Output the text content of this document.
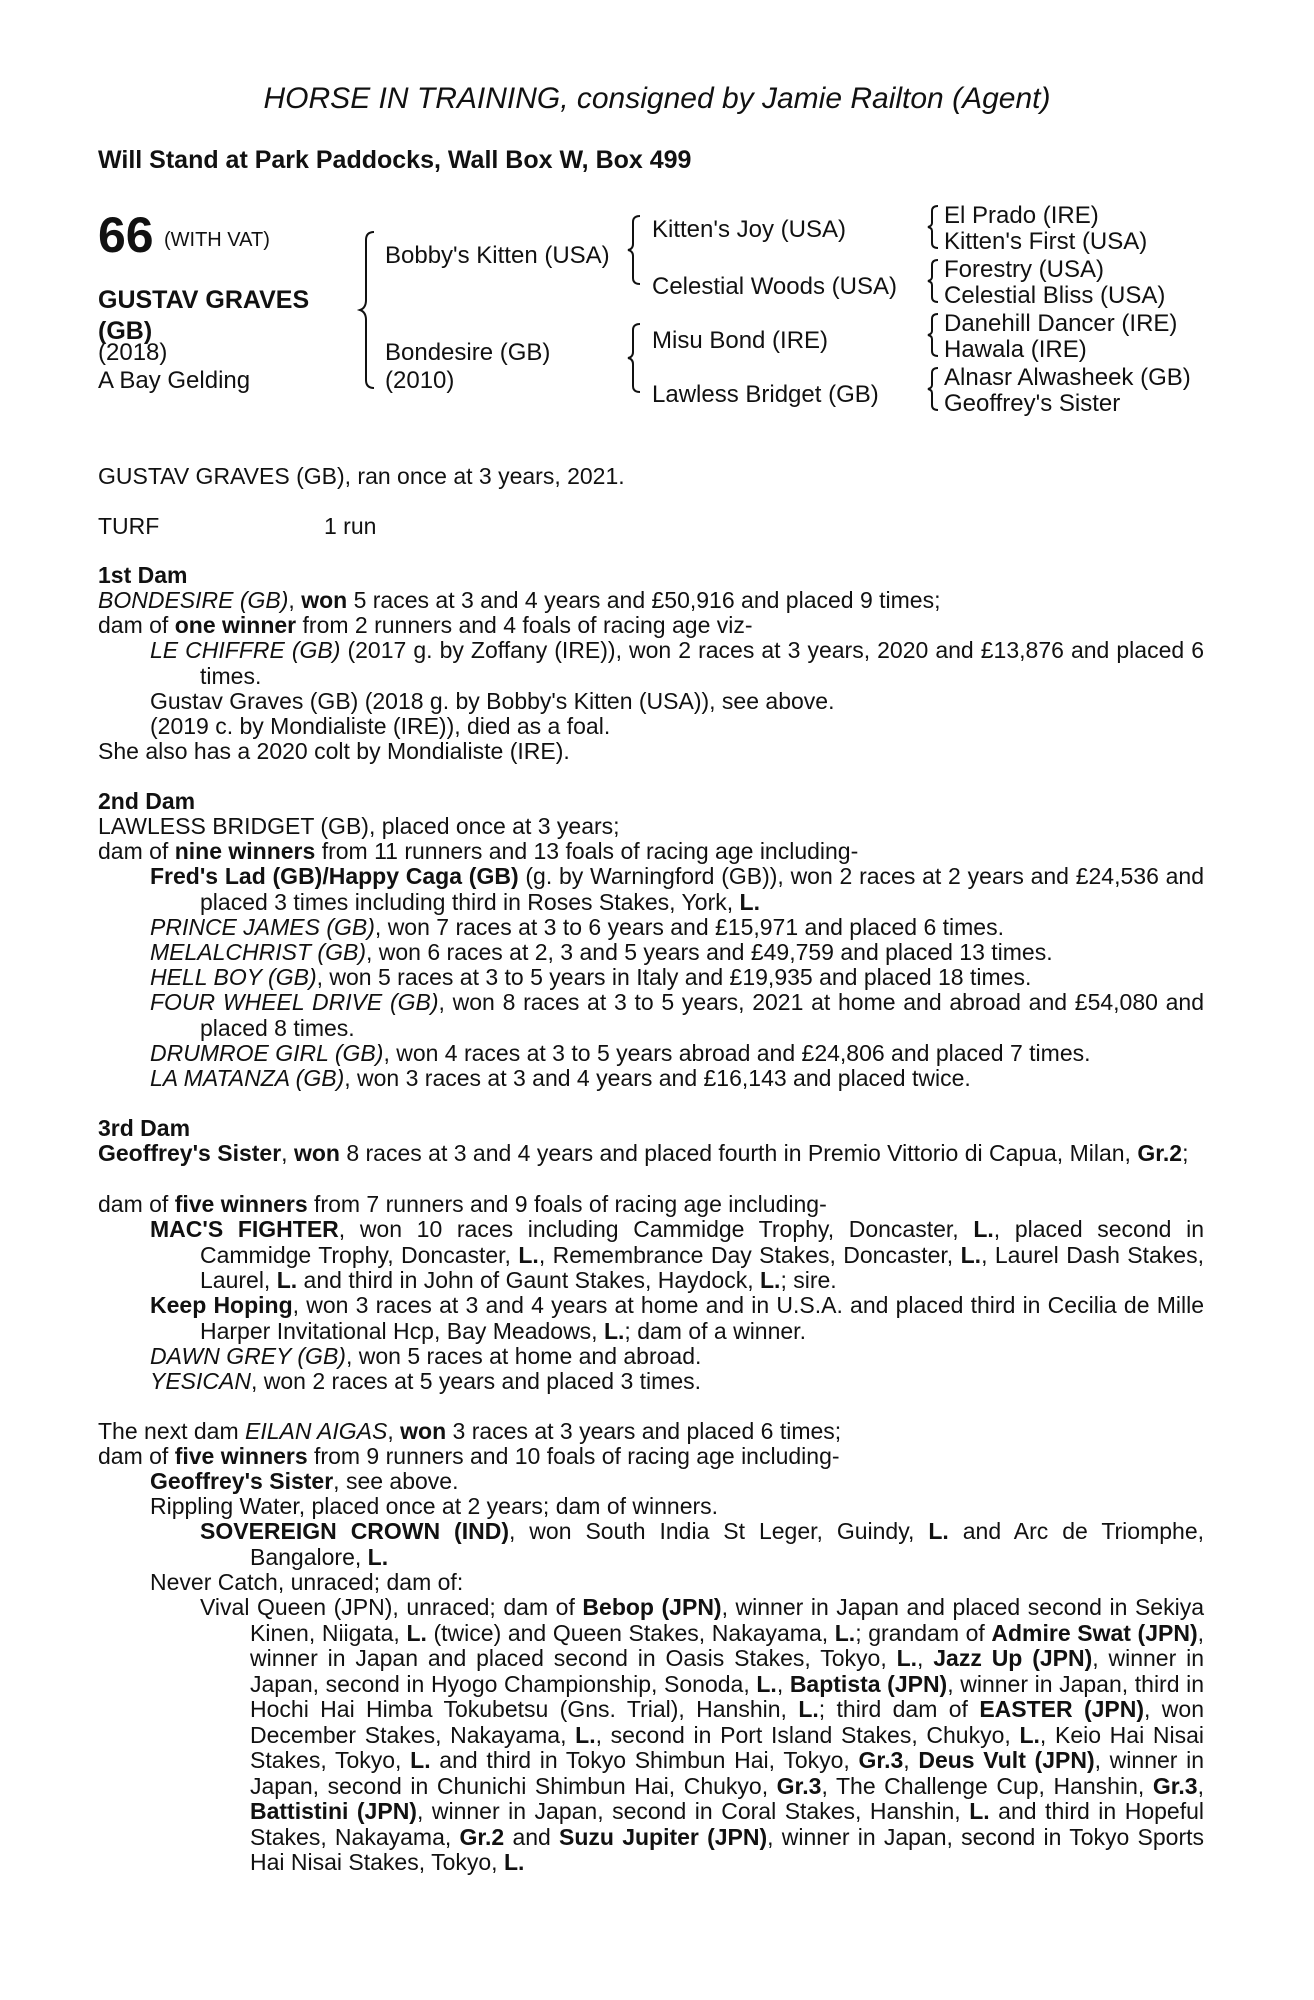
HORSE IN TRAINING, consigned by Jamie Railton (Agent)
Will Stand at Park Paddocks, Wall Box W, Box 499
66 (WITH VAT)
GUSTAV GRAVES
(GB)
(2018)
A Bay Gelding
Bobby's Kitten (USA)
Bondesire (GB)
(2010)
Kitten's Joy (USA)
Celestial Woods (USA)
Misu Bond (IRE)
Lawless Bridget (GB)
El Prado (IRE)
Kitten's First (USA)
Forestry (USA)
Celestial Bliss (USA)
Danehill Dancer (IRE)
Hawala (IRE)
Alnasr Alwasheek (GB)
Geoffrey's Sister
GUSTAV GRAVES (GB), ran once at 3 years, 2021.
TURF	1 run
1st Dam
BONDESIRE (GB), won 5 races at 3 and 4 years and £50,916 and placed 9 times;
dam of one winner from 2 runners and 4 foals of racing age viz-
LE CHIFFRE (GB) (2017 g. by Zoffany (IRE)), won 2 races at 3 years, 2020 and £13,876 and placed 6 times.
Gustav Graves (GB) (2018 g. by Bobby's Kitten (USA)), see above.
(2019 c. by Mondialiste (IRE)), died as a foal.
She also has a 2020 colt by Mondialiste (IRE).
2nd Dam
LAWLESS BRIDGET (GB), placed once at 3 years;
dam of nine winners from 11 runners and 13 foals of racing age including-
Fred's Lad (GB)/Happy Caga (GB) (g. by Warningford (GB)), won 2 races at 2 years and £24,536 and placed 3 times including third in Roses Stakes, York, L.
PRINCE JAMES (GB), won 7 races at 3 to 6 years and £15,971 and placed 6 times.
MELALCHRIST (GB), won 6 races at 2, 3 and 5 years and £49,759 and placed 13 times.
HELL BOY (GB), won 5 races at 3 to 5 years in Italy and £19,935 and placed 18 times.
FOUR WHEEL DRIVE (GB), won 8 races at 3 to 5 years, 2021 at home and abroad and £54,080 and placed 8 times.
DRUMROE GIRL (GB), won 4 races at 3 to 5 years abroad and £24,806 and placed 7 times.
LA MATANZA (GB), won 3 races at 3 and 4 years and £16,143 and placed twice.
3rd Dam
Geoffrey's Sister, won 8 races at 3 and 4 years and placed fourth in Premio Vittorio di Capua, Milan, Gr.2;
dam of five winners from 7 runners and 9 foals of racing age including-
MAC'S FIGHTER, won 10 races including Cammidge Trophy, Doncaster, L., placed second in Cammidge Trophy, Doncaster, L., Remembrance Day Stakes, Doncaster, L., Laurel Dash Stakes, Laurel, L. and third in John of Gaunt Stakes, Haydock, L.; sire.
Keep Hoping, won 3 races at 3 and 4 years at home and in U.S.A. and placed third in Cecilia de Mille Harper Invitational Hcp, Bay Meadows, L.; dam of a winner.
DAWN GREY (GB), won 5 races at home and abroad.
YESICAN, won 2 races at 5 years and placed 3 times.
The next dam EILAN AIGAS, won 3 races at 3 years and placed 6 times;
dam of five winners from 9 runners and 10 foals of racing age including-
Geoffrey's Sister, see above.
Rippling Water, placed once at 2 years; dam of winners.
SOVEREIGN CROWN (IND), won South India St Leger, Guindy, L. and Arc de Triomphe, Bangalore, L.
Never Catch, unraced; dam of:
Vival Queen (JPN), unraced; dam of Bebop (JPN), winner in Japan and placed second in Sekiya Kinen, Niigata, L. (twice) and Queen Stakes, Nakayama, L.; grandam of Admire Swat (JPN), winner in Japan and placed second in Oasis Stakes, Tokyo, L., Jazz Up (JPN), winner in Japan, second in Hyogo Championship, Sonoda, L., Baptista (JPN), winner in Japan, third in Hochi Hai Himba Tokubetsu (Gns. Trial), Hanshin, L.; third dam of EASTER (JPN), won December Stakes, Nakayama, L., second in Port Island Stakes, Chukyo, L., Keio Hai Nisai Stakes, Tokyo, L. and third in Tokyo Shimbun Hai, Tokyo, Gr.3, Deus Vult (JPN), winner in Japan, second in Chunichi Shimbun Hai, Chukyo, Gr.3, The Challenge Cup, Hanshin, Gr.3, Battistini (JPN), winner in Japan, second in Coral Stakes, Hanshin, L. and third in Hopeful Stakes, Nakayama, Gr.2 and Suzu Jupiter (JPN), winner in Japan, second in Tokyo Sports Hai Nisai Stakes, Tokyo, L.
